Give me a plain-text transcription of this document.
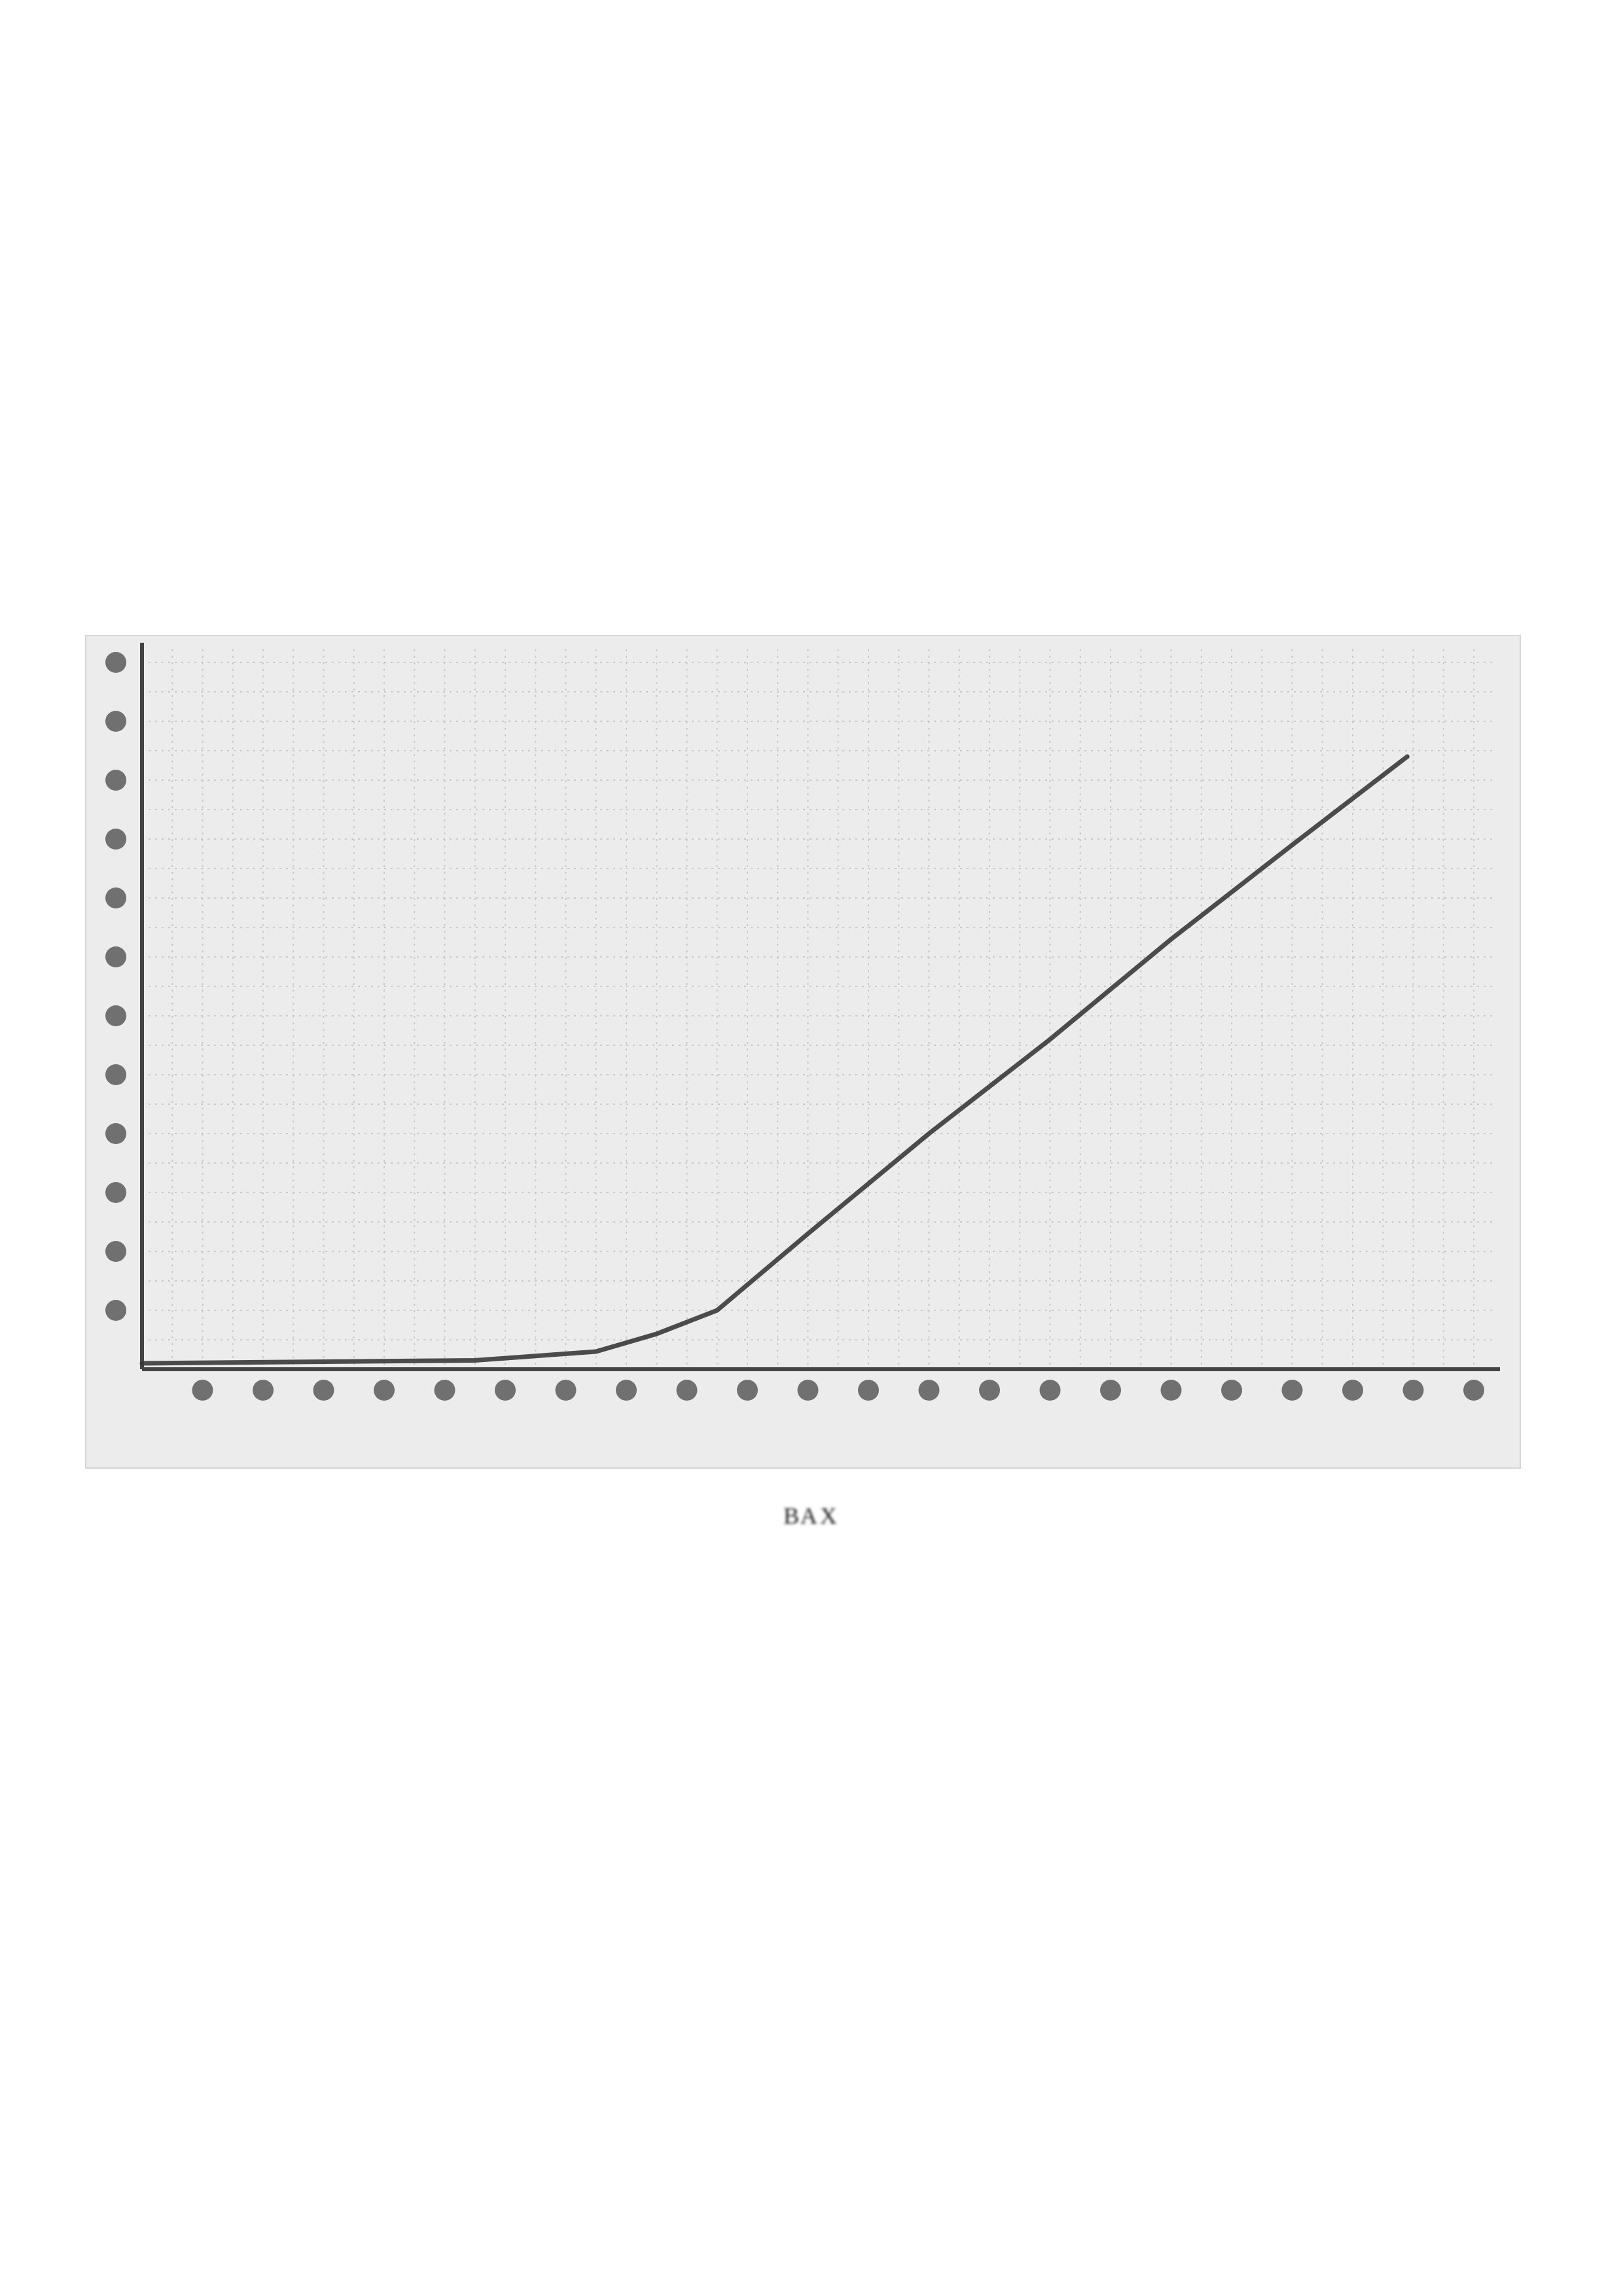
ВАХ
